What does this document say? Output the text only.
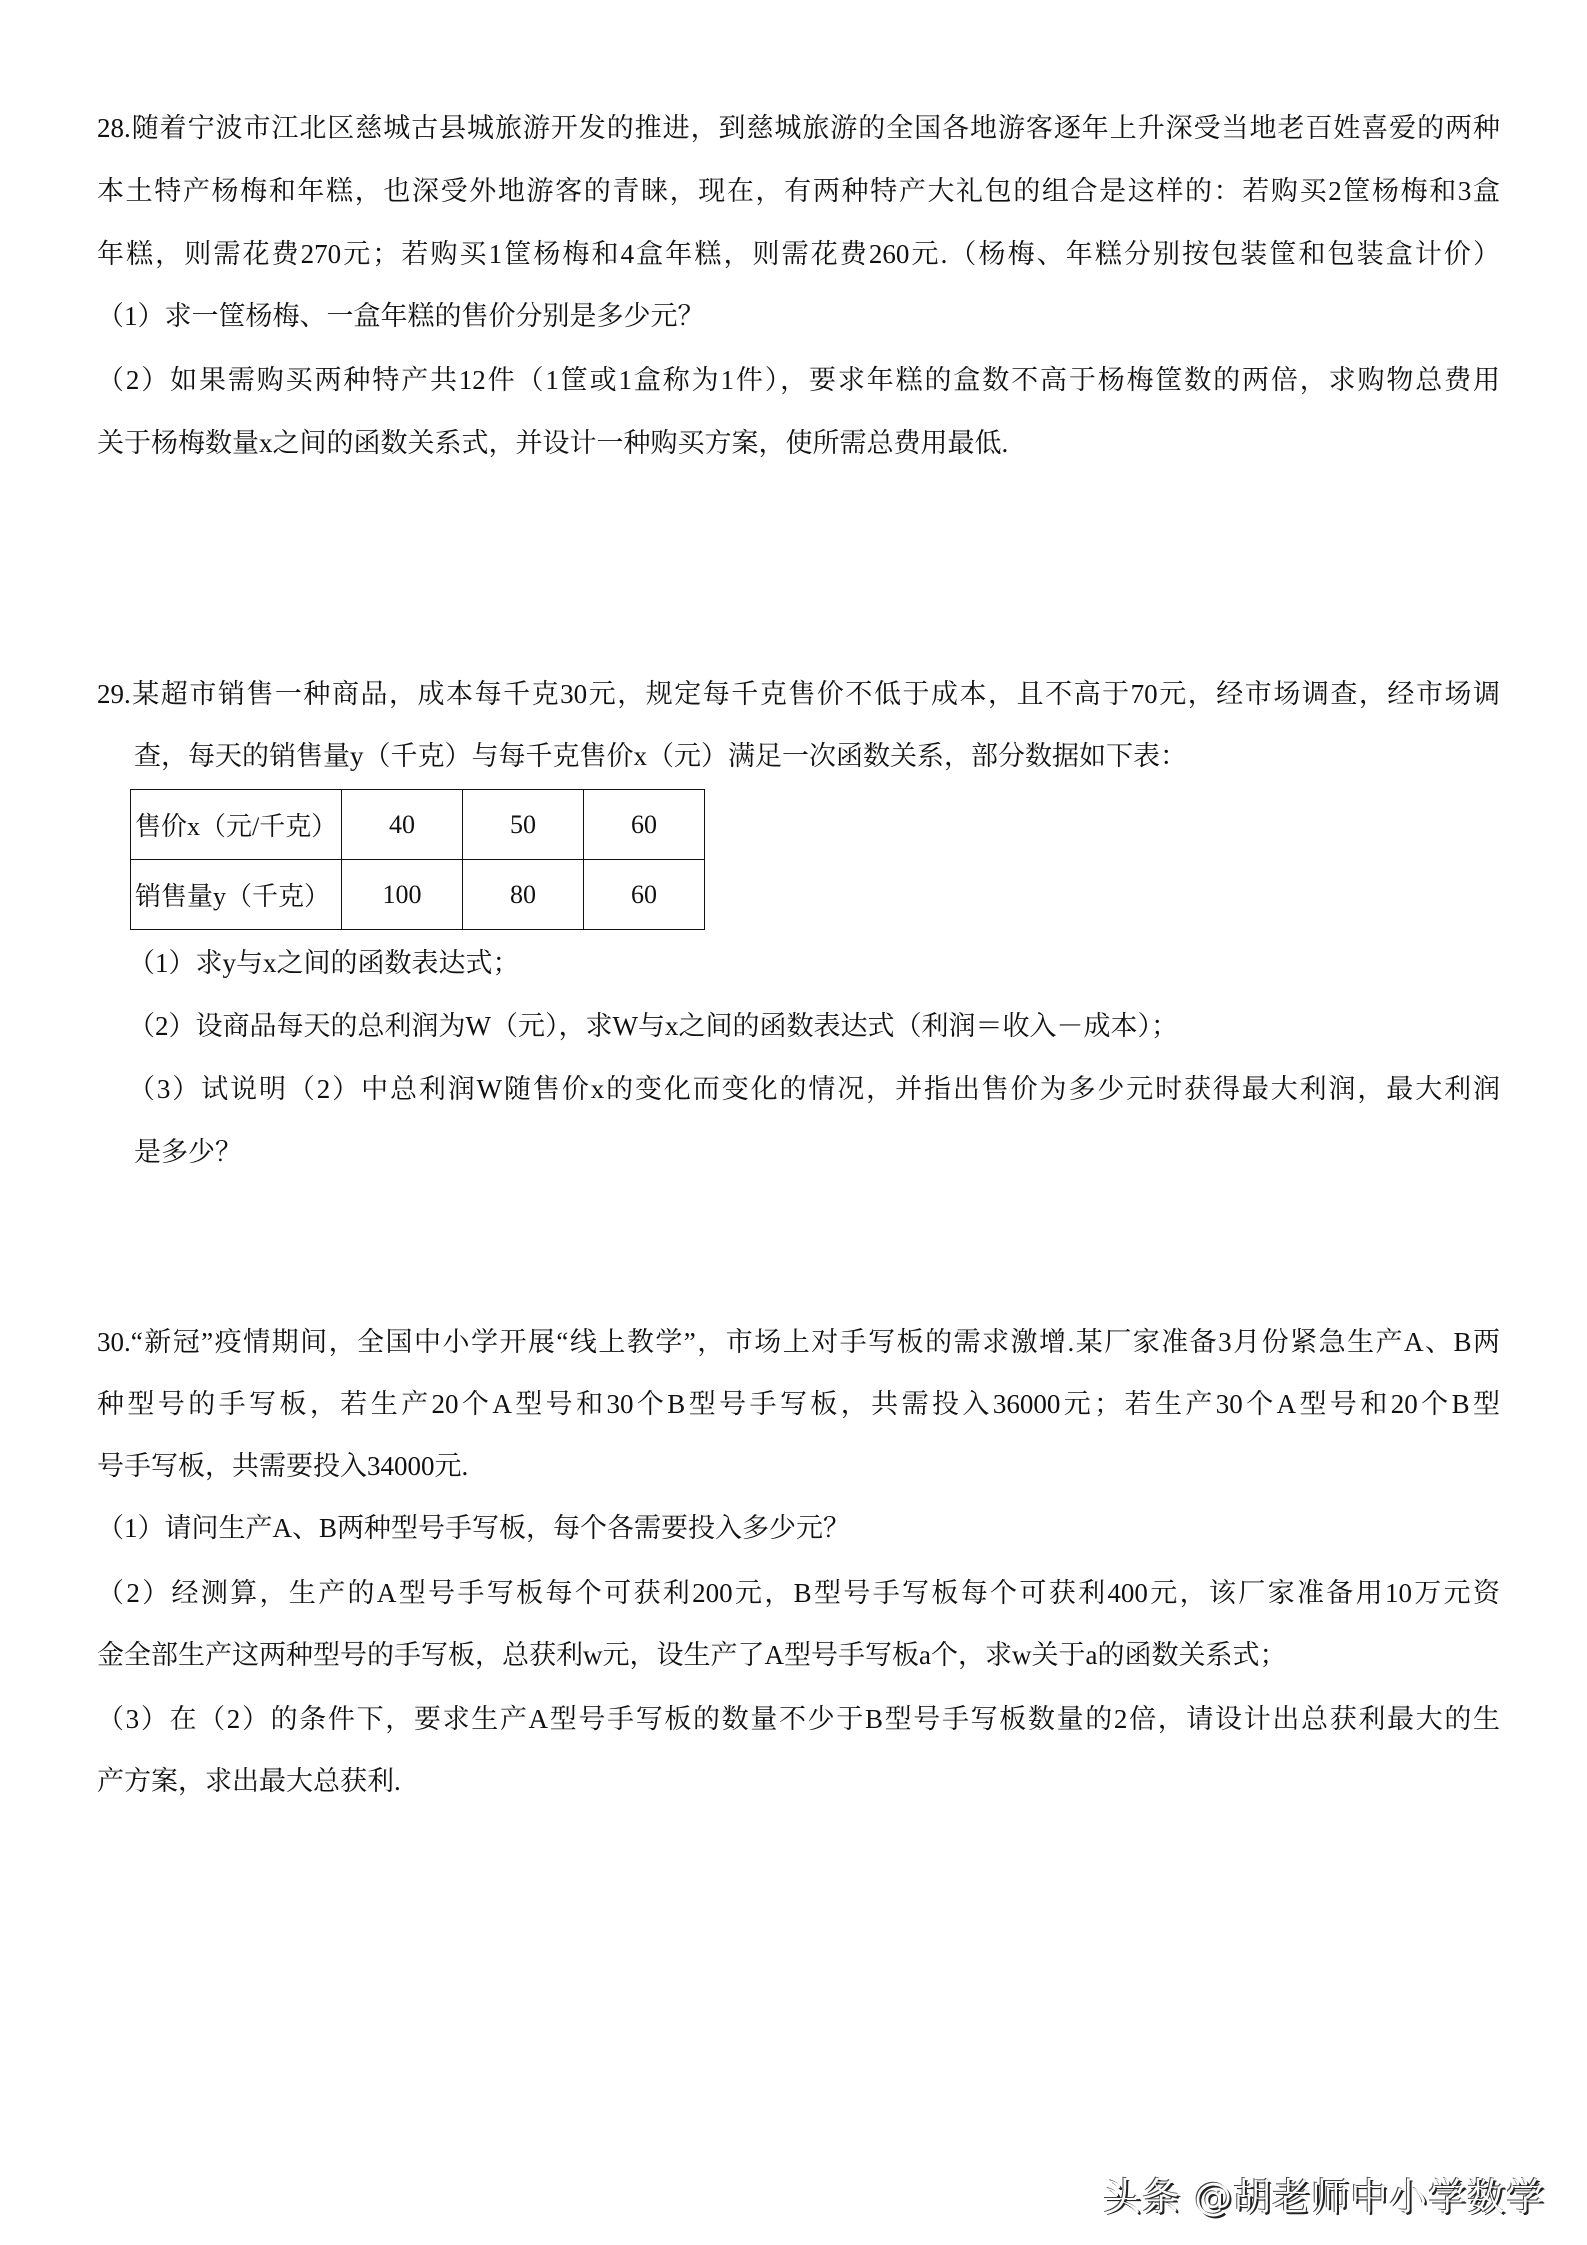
28.随着宁波市江北区慈城古县城旅游开发的推进，到慈城旅游的全国各地游客逐年上升深受当地老百姓喜爱的两种
本土特产杨梅和年糕，也深受外地游客的青睐，现在，有两种特产大礼包的组合是这样的：若购买2筐杨梅和3盒
年糕，则需花费270元；若购买1筐杨梅和4盒年糕，则需花费260元.（杨梅、年糕分别按包装筐和包装盒计价）
（1）求一筐杨梅、一盒年糕的售价分别是多少元？
（2）如果需购买两种特产共12件（1筐或1盒称为1件），要求年糕的盒数不高于杨梅筐数的两倍，求购物总费用
关于杨梅数量x之间的函数关系式，并设计一种购买方案，使所需总费用最低.
29.某超市销售一种商品，成本每千克30元，规定每千克售价不低于成本，且不高于70元，经市场调查，经市场调
查，每天的销售量y（千克）与每千克售价x（元）满足一次函数关系，部分数据如下表：
售价x（元/千克）	40	50	60
销售量y（千克）	100	80	60
（1）求y与x之间的函数表达式；
（2）设商品每天的总利润为W（元），求W与x之间的函数表达式（利润＝收入－成本）；
（3）试说明（2）中总利润W随售价x的变化而变化的情况，并指出售价为多少元时获得最大利润，最大利润
是多少？
30.“新冠”疫情期间，全国中小学开展“线上教学”，市场上对手写板的需求激增.某厂家准备3月份紧急生产A、B两
种型号的手写板，若生产20个A型号和30个B型号手写板，共需投入36000元；若生产30个A型号和20个B型
号手写板，共需要投入34000元.
（1）请问生产A、B两种型号手写板，每个各需要投入多少元？
（2）经测算，生产的A型号手写板每个可获利200元，B型号手写板每个可获利400元，该厂家准备用10万元资
金全部生产这两种型号的手写板，总获利w元，设生产了A型号手写板a个，求w关于a的函数关系式；
（3）在（2）的条件下，要求生产A型号手写板的数量不少于B型号手写板数量的2倍，请设计出总获利最大的生
产方案，求出最大总获利.
头条 @胡老师中小学数学
